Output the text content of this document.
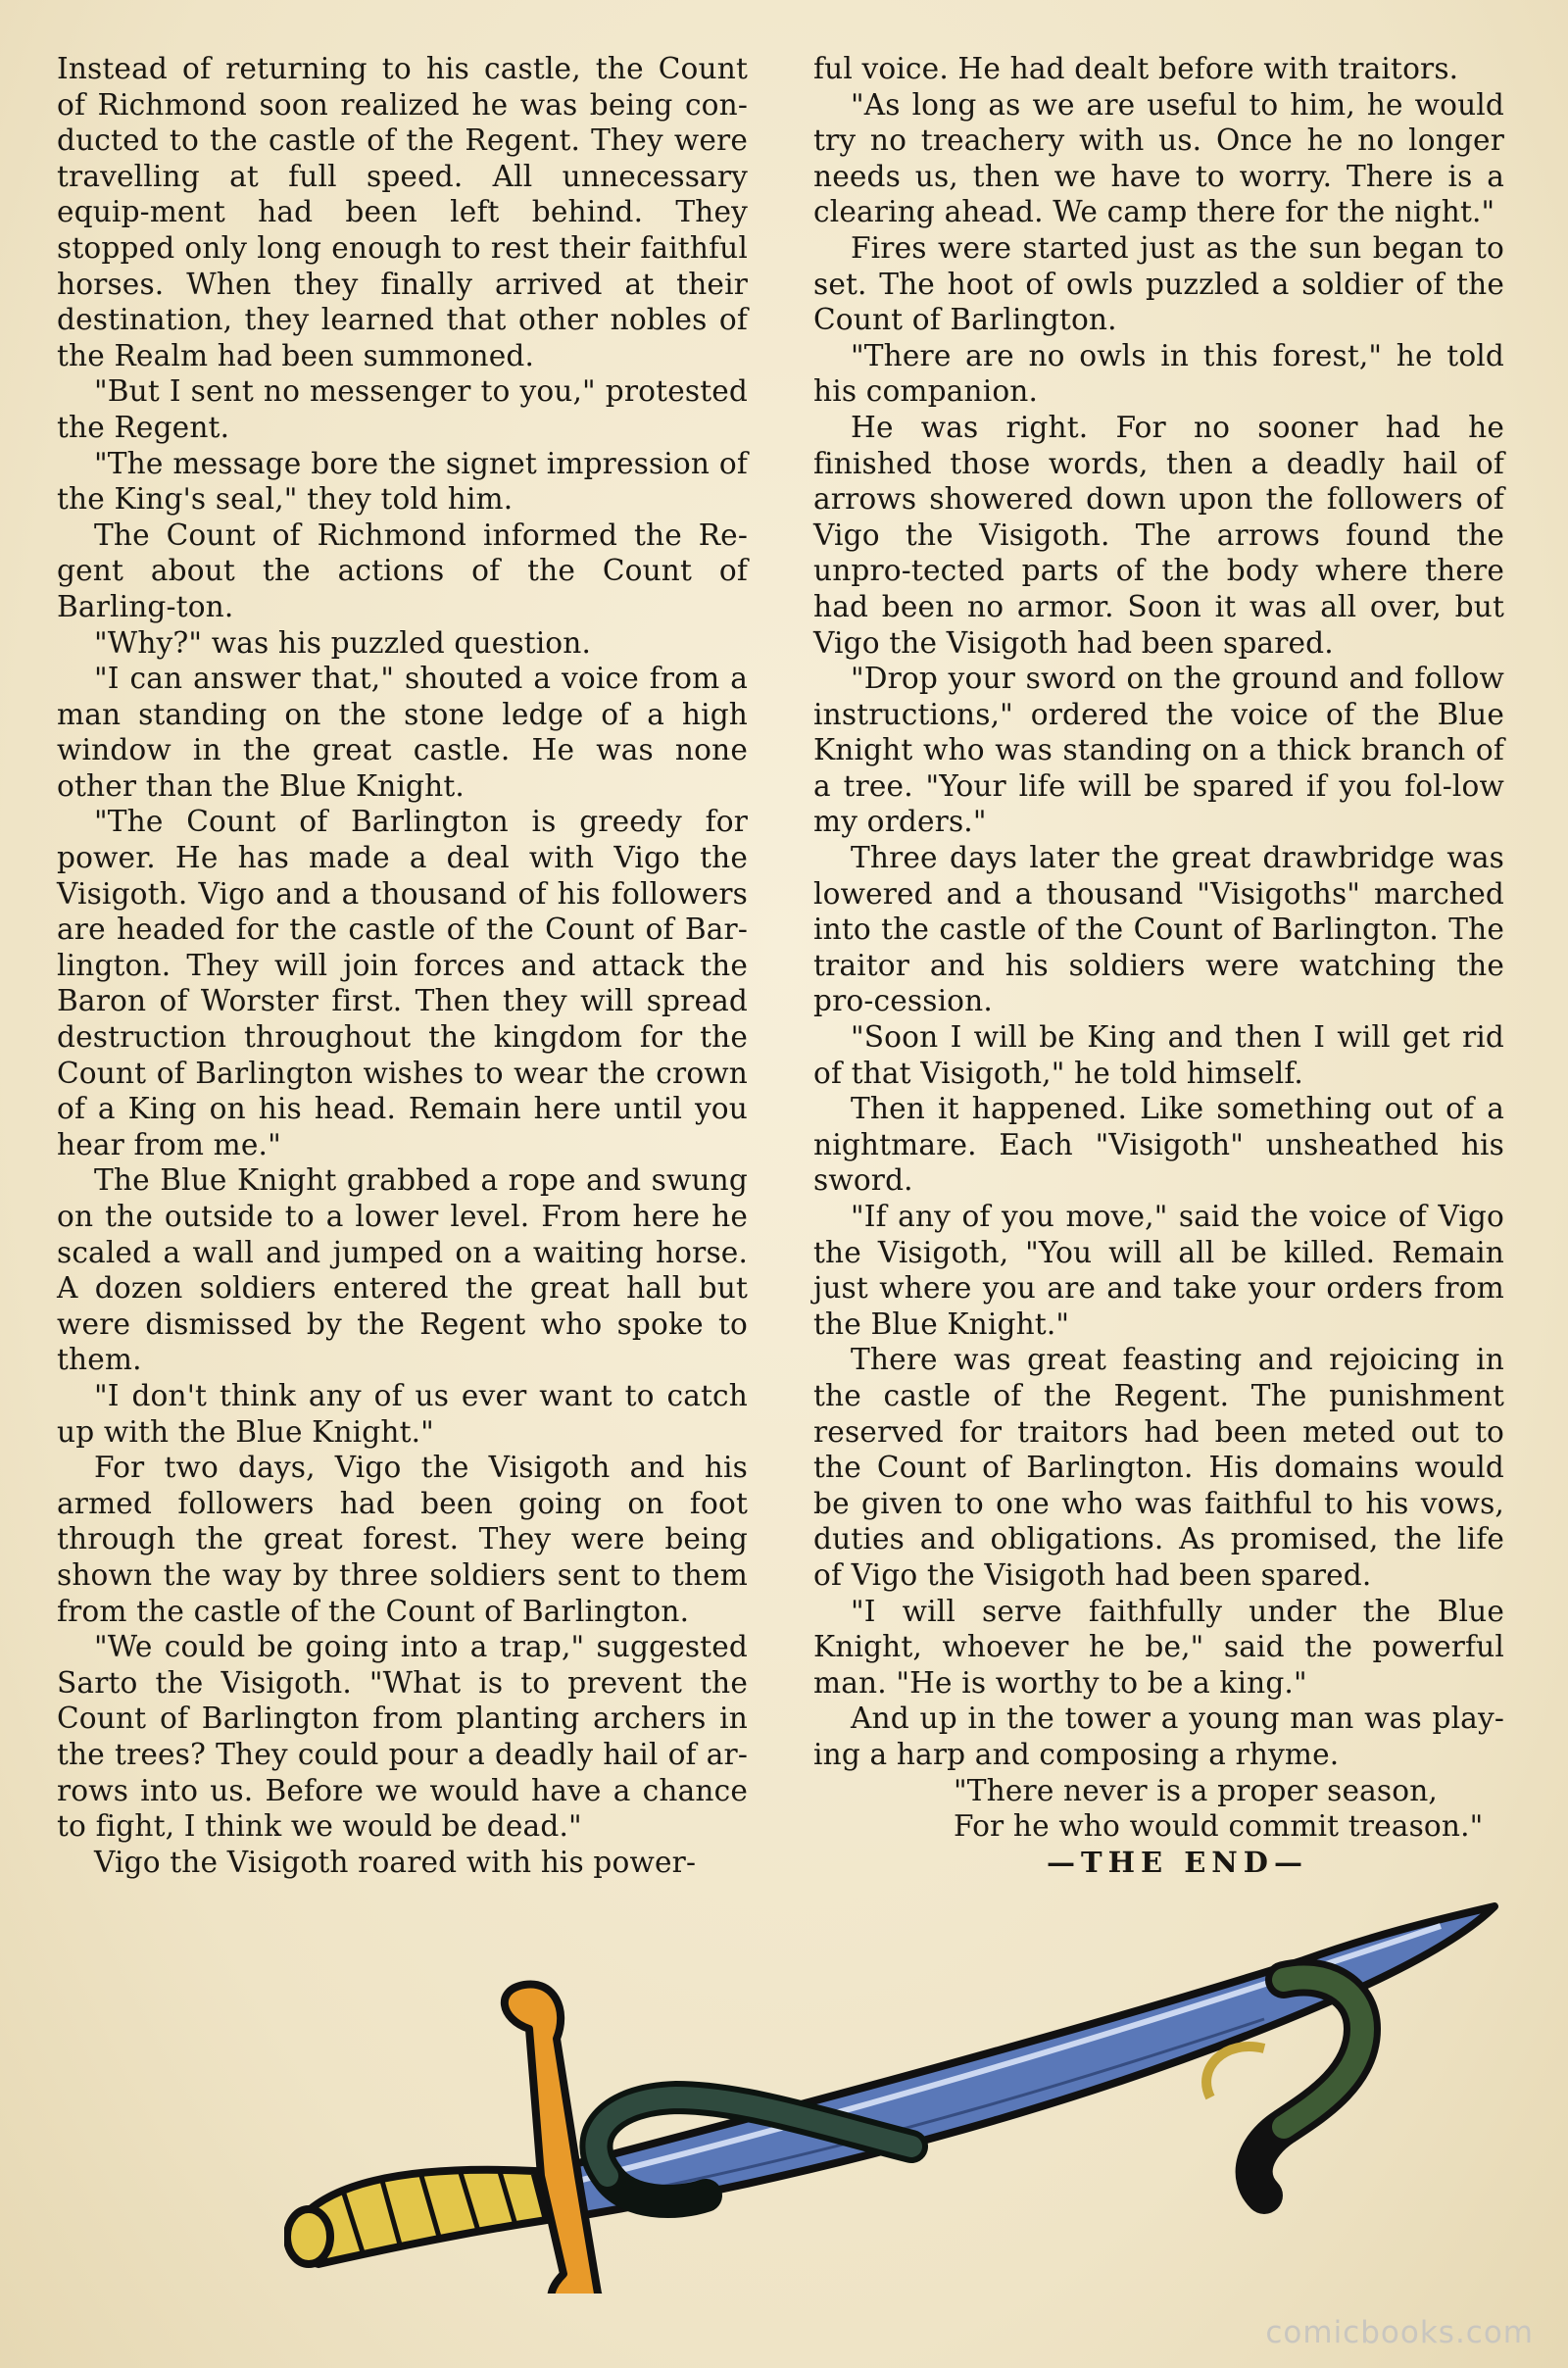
Instead of returning to his castle, the Count of Richmond soon realized he was being con-ducted to the castle of the Regent. They were travelling at full speed. All unnecessary equip-ment had been left behind. They stopped only long enough to rest their faithful horses. When they finally arrived at their destination, they learned that other nobles of the Realm had been summoned.

"But I sent no messenger to you," protested the Regent.

"The message bore the signet impression of the King's seal," they told him.

The Count of Richmond informed the Re-gent about the actions of the Count of Barling-ton.

"Why?" was his puzzled question.

"I can answer that," shouted a voice from a man standing on the stone ledge of a high window in the great castle. He was none other than the Blue Knight.

"The Count of Barlington is greedy for power. He has made a deal with Vigo the Visigoth. Vigo and a thousand of his followers are headed for the castle of the Count of Bar-lington. They will join forces and attack the Baron of Worster first. Then they will spread destruction throughout the kingdom for the Count of Barlington wishes to wear the crown of a King on his head. Remain here until you hear from me."

The Blue Knight grabbed a rope and swung on the outside to a lower level. From here he scaled a wall and jumped on a waiting horse. A dozen soldiers entered the great hall but were dismissed by the Regent who spoke to them.

"I don't think any of us ever want to catch up with the Blue Knight."

For two days, Vigo the Visigoth and his armed followers had been going on foot through the great forest. They were being shown the way by three soldiers sent to them from the castle of the Count of Barlington.

"We could be going into a trap," suggested Sarto the Visigoth. "What is to prevent the Count of Barlington from planting archers in the trees? They could pour a deadly hail of ar-rows into us. Before we would have a chance to fight, I think we would be dead."

Vigo the Visigoth roared with his power-

ful voice. He had dealt before with traitors.

"As long as we are useful to him, he would try no treachery with us. Once he no longer needs us, then we have to worry. There is a clearing ahead. We camp there for the night."

Fires were started just as the sun began to set. The hoot of owls puzzled a soldier of the Count of Barlington.

"There are no owls in this forest," he told his companion.

He was right. For no sooner had he finished those words, then a deadly hail of arrows showered down upon the followers of Vigo the Visigoth. The arrows found the unpro-tected parts of the body where there had been no armor. Soon it was all over, but Vigo the Visigoth had been spared.

"Drop your sword on the ground and follow instructions," ordered the voice of the Blue Knight who was standing on a thick branch of a tree. "Your life will be spared if you fol-low my orders."

Three days later the great drawbridge was lowered and a thousand "Visigoths" marched into the castle of the Count of Barlington. The traitor and his soldiers were watching the pro-cession.

"Soon I will be King and then I will get rid of that Visigoth," he told himself.

Then it happened. Like something out of a nightmare. Each "Visigoth" unsheathed his sword.

"If any of you move," said the voice of Vigo the Visigoth, "You will all be killed. Remain just where you are and take your orders from the Blue Knight."

There was great feasting and rejoicing in the castle of the Regent. The punishment reserved for traitors had been meted out to the Count of Barlington. His domains would be given to one who was faithful to his vows, duties and obligations. As promised, the life of Vigo the Visigoth had been spared.

"I will serve faithfully under the Blue Knight, whoever he be," said the powerful man. "He is worthy to be a king."

And up in the tower a young man was play-ing a harp and composing a rhyme.

"There never is a proper season,

For he who would commit treason."

—THE END—

comicbooks.com
